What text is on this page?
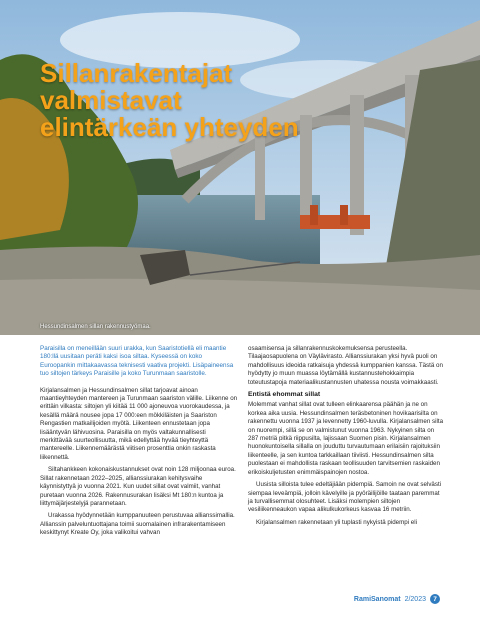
Sillanrakentajat
valmistavat
elintärkeän yhteyden
Hessundinsalmen sillan rakennustyömaa.

Paraisilla on meneillään suuri urakka, kun Saaristotiellä eli maantie 180:llä uusitaan peräti kaksi isoa siltaa. Kyseessä on koko Euroopankin mittakaavassa teknisesti vaativa projekti. Lisäpaineensa tuo siltojen tärkeys Paraisille ja koko Turunmaan saaristolle.

Kirjalansalmen ja Hessundinsalmen sillat tarjoavat ainoan maantieyhteyden mantereen ja Turunmaan saariston välille. Liikenne on erittäin vilkasta: siltojen yli kiitää 11 000 ajoneuvoa vuorokaudessa, ja kesällä määrä nousee jopa 17 000:een mökkiläisten ja Saariston Rengastien matkailijoiden myötä. Liikenteen ennustetaan jopa lisääntyvän lähivuosina. Paraisilla on myös valtakunnallisesti merkittävää suurteollisuutta, mikä edellyttää hyvää tieyhteyttä mantereelle. Liikennemäärästä viitisen prosenttia onkin raskasta liikennettä.

Siltahankkeen kokonaiskustannukset ovat noin 128 miljoonaa euroa. Sillat rakennetaan 2022–2025, allianssiurakan kehitysvaihe käynnistyttyä jo vuonna 2021. Kun uudet sillat ovat valmiit, vanhat puretaan vuonna 2026. Rakennusurakan lisäksi Mt 180:n kuntoa ja liittymäjärjestelyjä parannetaan.

Urakassa hyödynnetään kumppanuuteen perustuvaa allianssimallia. Allianssin palveluntuottajana toimii suomalainen infrarakentamiseen keskittynyt Kreate Oy, joka valikoitui vahvan

osaamisensa ja sillanrakennuskokemuksensa perusteella. Tilaajaosapuolena on Väylävirasto. Allianssiurakan yksi hyvä puoli on mahdollisuus ideoida ratkaisuja yhdessä kumppanien kanssa. Tästä on hyödytty jo muun muassa löytämällä kustannustehokkaimpia toteutustapoja materiaalikustannusten uhatessa nousta voimakkaasti.

Entistä ehommat sillat

Molemmat vanhat sillat ovat tulleen elinkaarensa päähän ja ne on korkea aika uusia. Hessundinsalmen teräsbetoninen hovikaarisilta on rakennettu vuonna 1937 ja levennetty 1960-luvulla. Kirjalansalmen silta on nuorempi, sillä se on valmistunut vuonna 1963. Nykyinen silta on 287 metriä pitkä riippusilta, lajissaan Suomen pisin. Kirjalansalmen huonokuntoisella sillalla on jouduttu turvautumaan erilaisiin rajoituksiin liikenteelle, ja sen kuntoa tarkkaillaan tiiviisti. Hessundinsalmen silta puolestaan ei mahdollista raskaan teollisuuden tarvitsemien raskaiden erikoiskuljetusten enimmäispainojen nostoa.

Uusista silloista tulee edeltäjiään pidempiä. Samoin ne ovat selvästi siempaa leveämpiä, jolloin kävelyille ja pyöräilijöille taataan paremmat ja turvallisemmat olosuhteet. Lisäksi molempien siltojen vesiliikenneaukon vapaa alikulkukorkeus kasvaa 16 metriin.

Kirjalansalmen rakennetaan yli tuplasti nykyistä pidempi eli

RamiSanomat 2/2023	7
